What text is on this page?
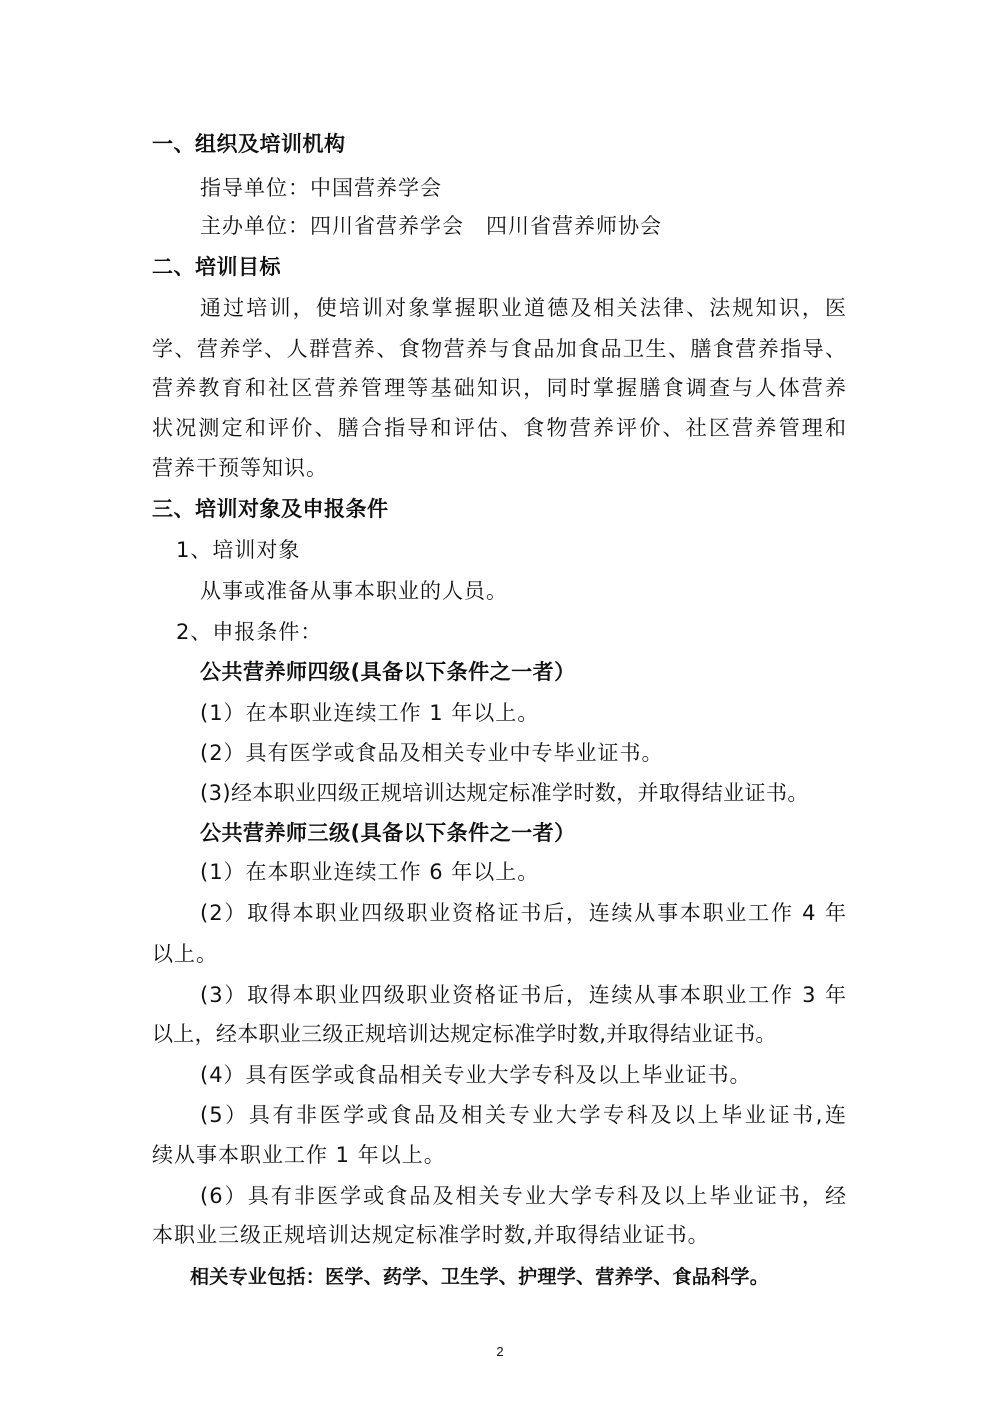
一、组织及培训机构
指导单位：中国营养学会
主办单位：四川省营养学会　四川省营养师协会
二、培训目标
通过培训，使培训对象掌握职业道德及相关法律、法规知识，医
学、营养学、人群营养、食物营养与食品加食品卫生、膳食营养指导、
营养教育和社区营养管理等基础知识，同时掌握膳食调查与人体营养
状况测定和评价、膳合指导和评估、食物营养评价、社区营养管理和
营养干预等知识。
三、培训对象及申报条件
1、培训对象
从事或准备从事本职业的人员。
2、申报条件：
公共营养师四级(具备以下条件之一者）
(1）在本职业连续工作 1 年以上。
(2）具有医学或食品及相关专业中专毕业证书。
(3)经本职业四级正规培训达规定标准学时数，并取得结业证书。
公共营养师三级(具备以下条件之一者）
(1）在本职业连续工作 6 年以上。
(2）取得本职业四级职业资格证书后，连续从事本职业工作 4 年
以上。
(3）取得本职业四级职业资格证书后，连续从事本职业工作 3 年
以上，经本职业三级正规培训达规定标准学时数,并取得结业证书。
(4）具有医学或食品相关专业大学专科及以上毕业证书。
(5）具有非医学或食品及相关专业大学专科及以上毕业证书,连
续从事本职业工作 1 年以上。
(6）具有非医学或食品及相关专业大学专科及以上毕业证书，经
本职业三级正规培训达规定标准学时数,并取得结业证书。
相关专业包括：医学、药学、卫生学、护理学、营养学、食品科学。
2
